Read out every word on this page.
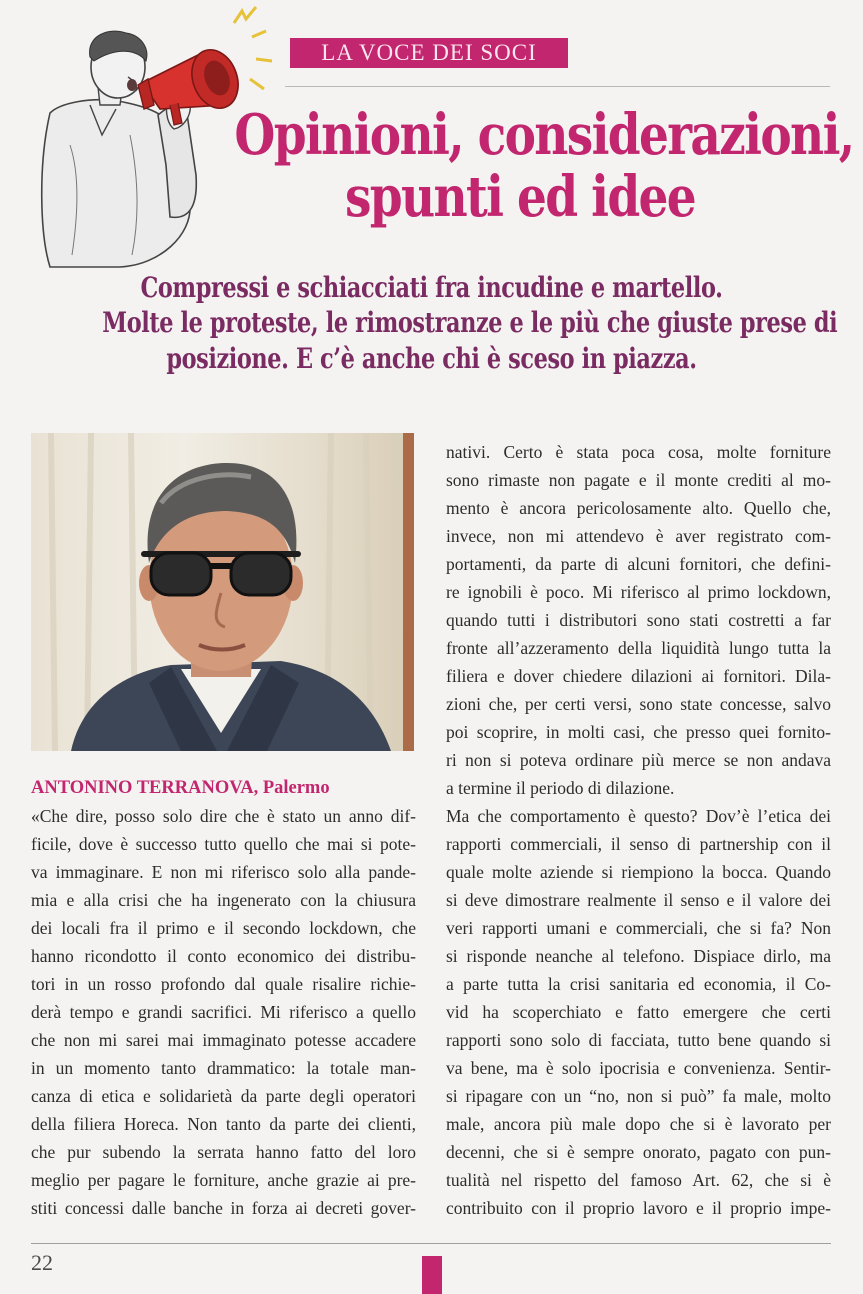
LA VOCE DEI SOCI
Opinioni, considerazioni,
spunti ed idee
Compressi e schiacciati fra incudine e martello.
Molte le proteste, le rimostranze e le più che giuste prese di
posizione. E c’è anche chi è sceso in piazza.

ANTONINO TERRANOVA, Palermo

«Che dire, posso solo dire che è stato un anno dif-
ficile, dove è successo tutto quello che mai si pote-
va immaginare. E non mi riferisco solo alla pande-
mia e alla crisi che ha ingenerato con la chiusura
dei locali fra il primo e il secondo lockdown, che
hanno ricondotto il conto economico dei distribu-
tori in un rosso profondo dal quale risalire richie-
derà tempo e grandi sacrifici. Mi riferisco a quello
che non mi sarei mai immaginato potesse accadere
in un momento tanto drammatico: la totale man-
canza di etica e solidarietà da parte degli operatori
della filiera Horeca. Non tanto da parte dei clienti,
che pur subendo la serrata hanno fatto del loro
meglio per pagare le forniture, anche grazie ai pre-
stiti concessi dalle banche in forza ai decreti gover-
nativi. Certo è stata poca cosa, molte forniture
sono rimaste non pagate e il monte crediti al mo-
mento è ancora pericolosamente alto. Quello che,
invece, non mi attendevo è aver registrato com-
portamenti, da parte di alcuni fornitori, che defini-
re ignobili è poco. Mi riferisco al primo lockdown,
quando tutti i distributori sono stati costretti a far
fronte all’azzeramento della liquidità lungo tutta la
filiera e dover chiedere dilazioni ai fornitori. Dila-
zioni che, per certi versi, sono state concesse, salvo
poi scoprire, in molti casi, che presso quei fornito-
ri non si poteva ordinare più merce se non andava
a termine il periodo di dilazione.
Ma che comportamento è questo? Dov’è l’etica dei
rapporti commerciali, il senso di partnership con il
quale molte aziende si riempiono la bocca. Quando
si deve dimostrare realmente il senso e il valore dei
veri rapporti umani e commerciali, che si fa? Non
si risponde neanche al telefono. Dispiace dirlo, ma
a parte tutta la crisi sanitaria ed economia, il Co-
vid ha scoperchiato e fatto emergere che certi
rapporti sono solo di facciata, tutto bene quando si
va bene, ma è solo ipocrisia e convenienza. Sentir-
si ripagare con un “no, non si può” fa male, molto
male, ancora più male dopo che si è lavorato per
decenni, che si è sempre onorato, pagato con pun-
tualità nel rispetto del famoso Art. 62, che si è
contribuito con il proprio lavoro e il proprio impe-

22
